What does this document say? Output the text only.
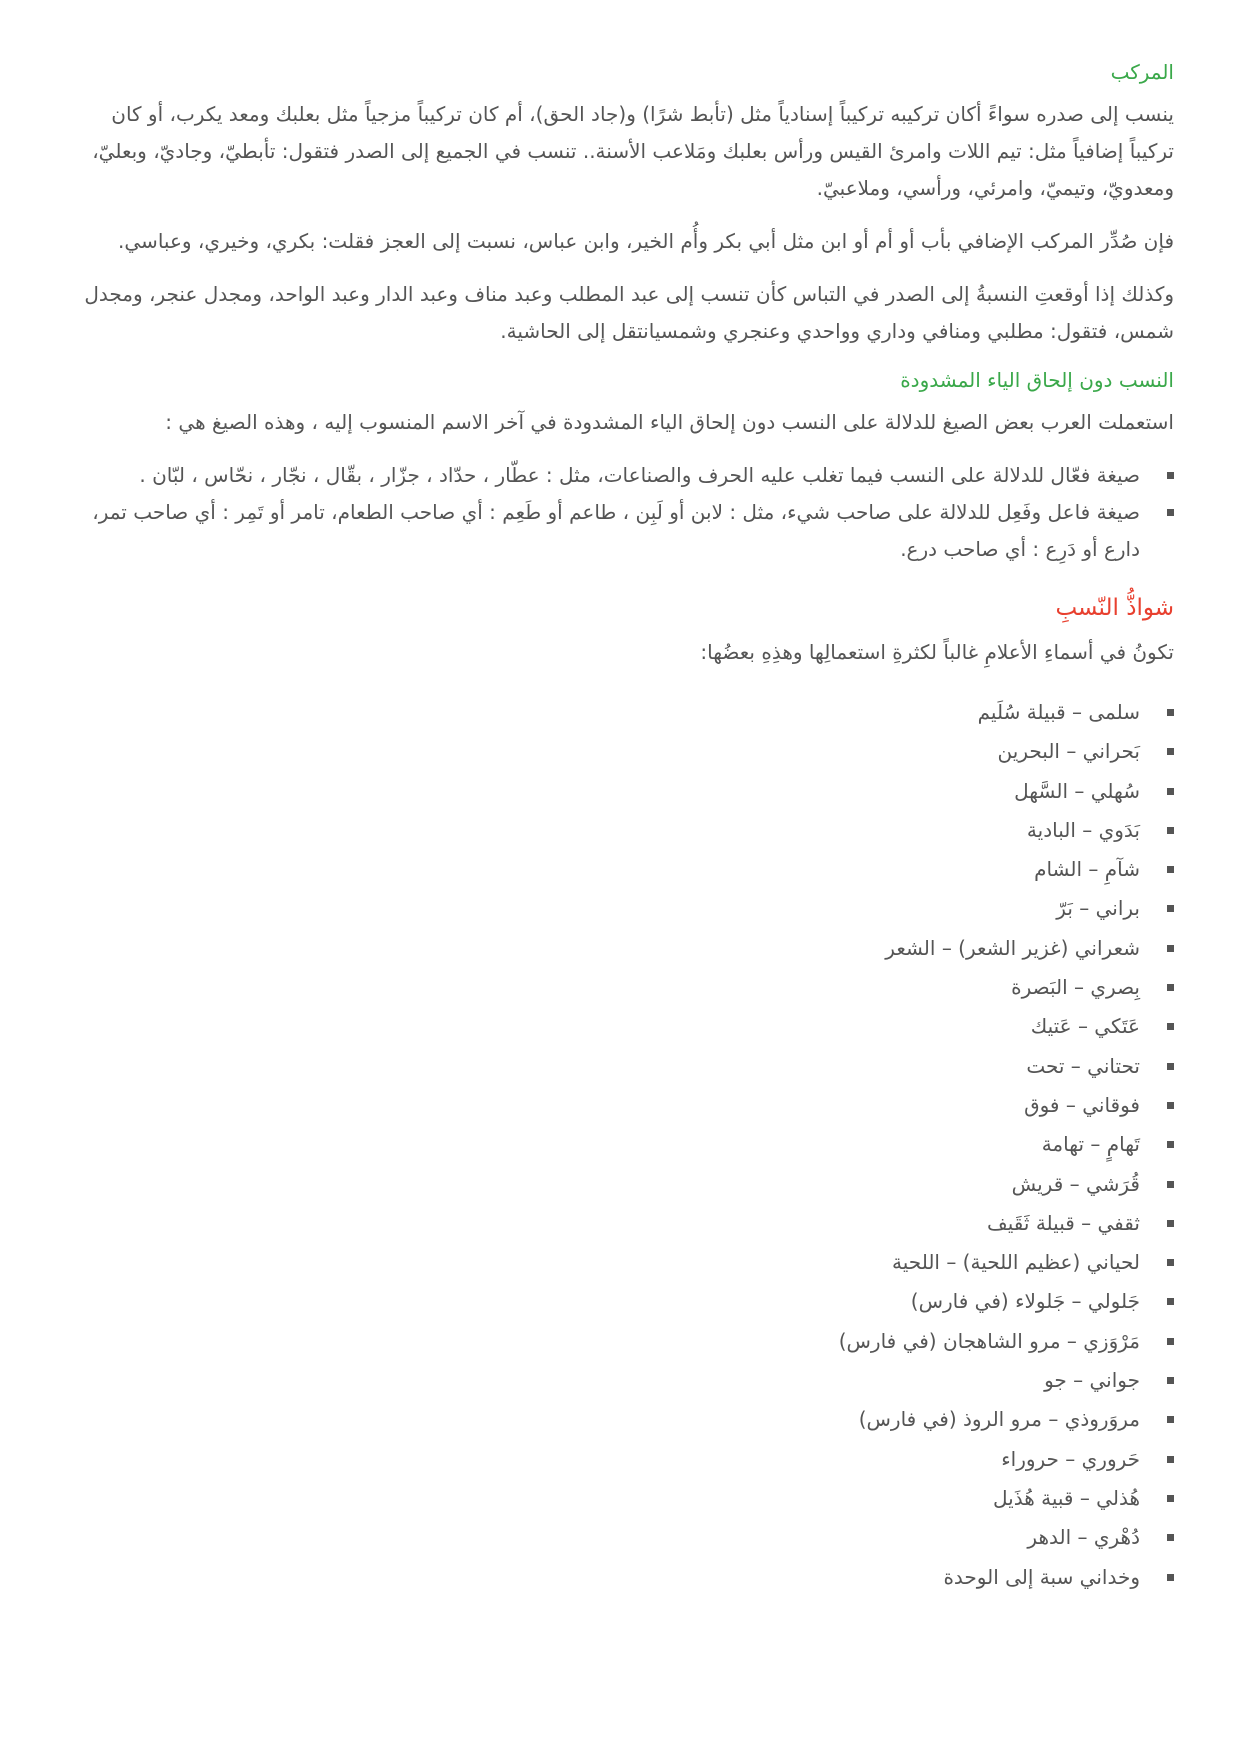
المركب

ينسب إلى صدره سواءً أكان تركيبه تركيباً إسنادياً مثل (تأبط شرًا) و(جاد الحق)، أم كان تركيباً مزجياً مثل بعلبك ومعد يكرب، أو كان تركيباً إضافياً مثل: تيم اللات وامرئ القيس ورأس بعلبك ومَلاعب الأسنة.. تنسب في الجميع إلى الصدر فتقول: تأبطيّ، وجاديّ، وبعليّ، ومعدويّ، وتيميّ، وامرئي، ورأسي، وملاعبيّ.

فإن صُدِّر المركب الإضافي بأب أو أم أو ابن مثل أبي بكر وأُم الخير، وابن عباس، نسبت إلى العجز فقلت: بكري، وخيري، وعباسي.

وكذلك إذا أوقعتِ النسبةُ إلى الصدر في التباس كأن تنسب إلى عبد المطلب وعبد مناف وعبد الدار وعبد الواحد، ومجدل عنجر، ومجدل شمس، فتقول: مطلبي ومنافي وداري وواحدي وعنجري وشمسيانتقل إلى الحاشية.

النسب دون إلحاق الياء المشدودة

استعملت العرب بعض الصيغ للدلالة على النسب دون إلحاق الياء المشدودة في آخر الاسم المنسوب إليه ، وهذه الصيغ هي :

صيغة فعّال للدلالة على النسب فيما تغلب عليه الحرف والصناعات، مثل : عطّار ، حدّاد ، جزّار ، بقّال ، نجّار ، نحّاس ، لبّان .
صيغة فاعل وفَعِل للدلالة على صاحب شيء، مثل : لابن أو لَبِن ، طاعم أو طَعِم : أي صاحب الطعام، تامر أو تَمِر : أي صاحب تمر، دارع أو دَرِع : أي صاحب درع.
شواذُّ النّسبِ

تكونُ في أسماءِ الأعلامِ غالباً لكثرةِ استعمالِها وهذِهِ بعضُها:

سلمى – قبيلة سُلَيم
بَحراني – البحرين
سُهلي – السَّهل
بَدَوي – البادية
شآمِ – الشام
براني – بَرّ
شعراني (غزير الشعر) – الشعر
بِصري – البَصرة
عَتَكي – عَتيك
تحتاني – تحت
فوقاني – فوق
تَهامٍ – تهامة
قُرَشي – قريش
ثقفي – قبيلة ثَقَيف
لحياني (عظيم اللحية) – اللحية
جَلولي – جَلولاء (في فارس)
مَرْوَزي – مرو الشاهجان (في فارس)
جواني – جو
مروَروذي – مرو الروذ (في فارس)
حَروري – حروراء
هُذلي – قبية هُذَيل
دُهْري – الدهر
وخداني سبة إلى الوحدة
